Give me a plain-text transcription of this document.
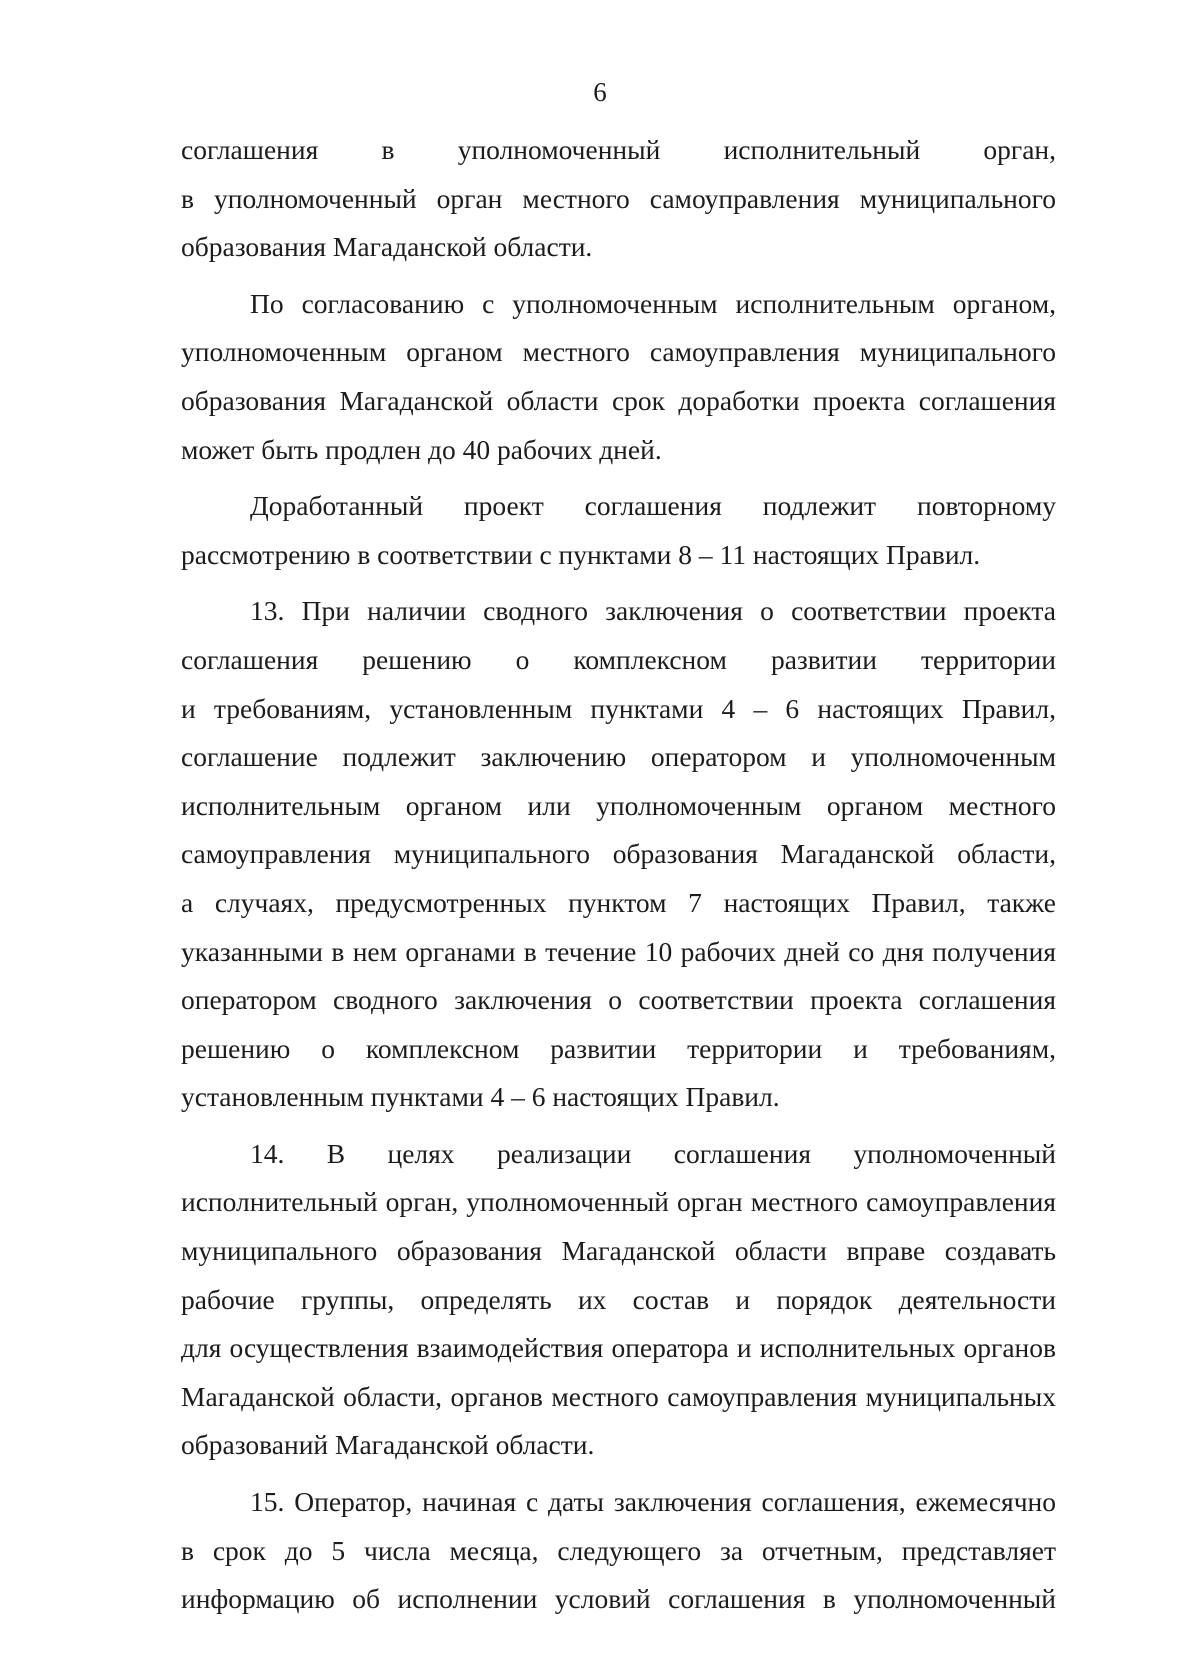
6
соглашения в уполномоченный исполнительный орган,
в уполномоченный орган местного самоуправления муниципального
образования Магаданской области.
По согласованию с уполномоченным исполнительным органом,
уполномоченным органом местного самоуправления муниципального
образования Магаданской области срок доработки проекта соглашения
может быть продлен до 40 рабочих дней.
Доработанный проект соглашения подлежит повторному
рассмотрению в соответствии с пунктами 8 – 11 настоящих Правил.
13. При наличии сводного заключения о соответствии проекта
соглашения решению о комплексном развитии территории
и требованиям, установленным пунктами 4 – 6 настоящих Правил,
соглашение подлежит заключению оператором и уполномоченным
исполнительным органом или уполномоченным органом местного
самоуправления муниципального образования Магаданской области,
а случаях, предусмотренных пунктом 7 настоящих Правил, также
указанными в нем органами в течение 10 рабочих дней со дня получения
оператором сводного заключения о соответствии проекта соглашения
решению о комплексном развитии территории и требованиям,
установленным пунктами 4 – 6 настоящих Правил.
14. В целях реализации соглашения уполномоченный
исполнительный орган, уполномоченный орган местного самоуправления
муниципального образования Магаданской области вправе создавать
рабочие группы, определять их состав и порядок деятельности
для осуществления взаимодействия оператора и исполнительных органов
Магаданской области, органов местного самоуправления муниципальных
образований Магаданской области.
15. Оператор, начиная с даты заключения соглашения, ежемесячно
в срок до 5 числа месяца, следующего за отчетным, представляет
информацию об исполнении условий соглашения в уполномоченный
